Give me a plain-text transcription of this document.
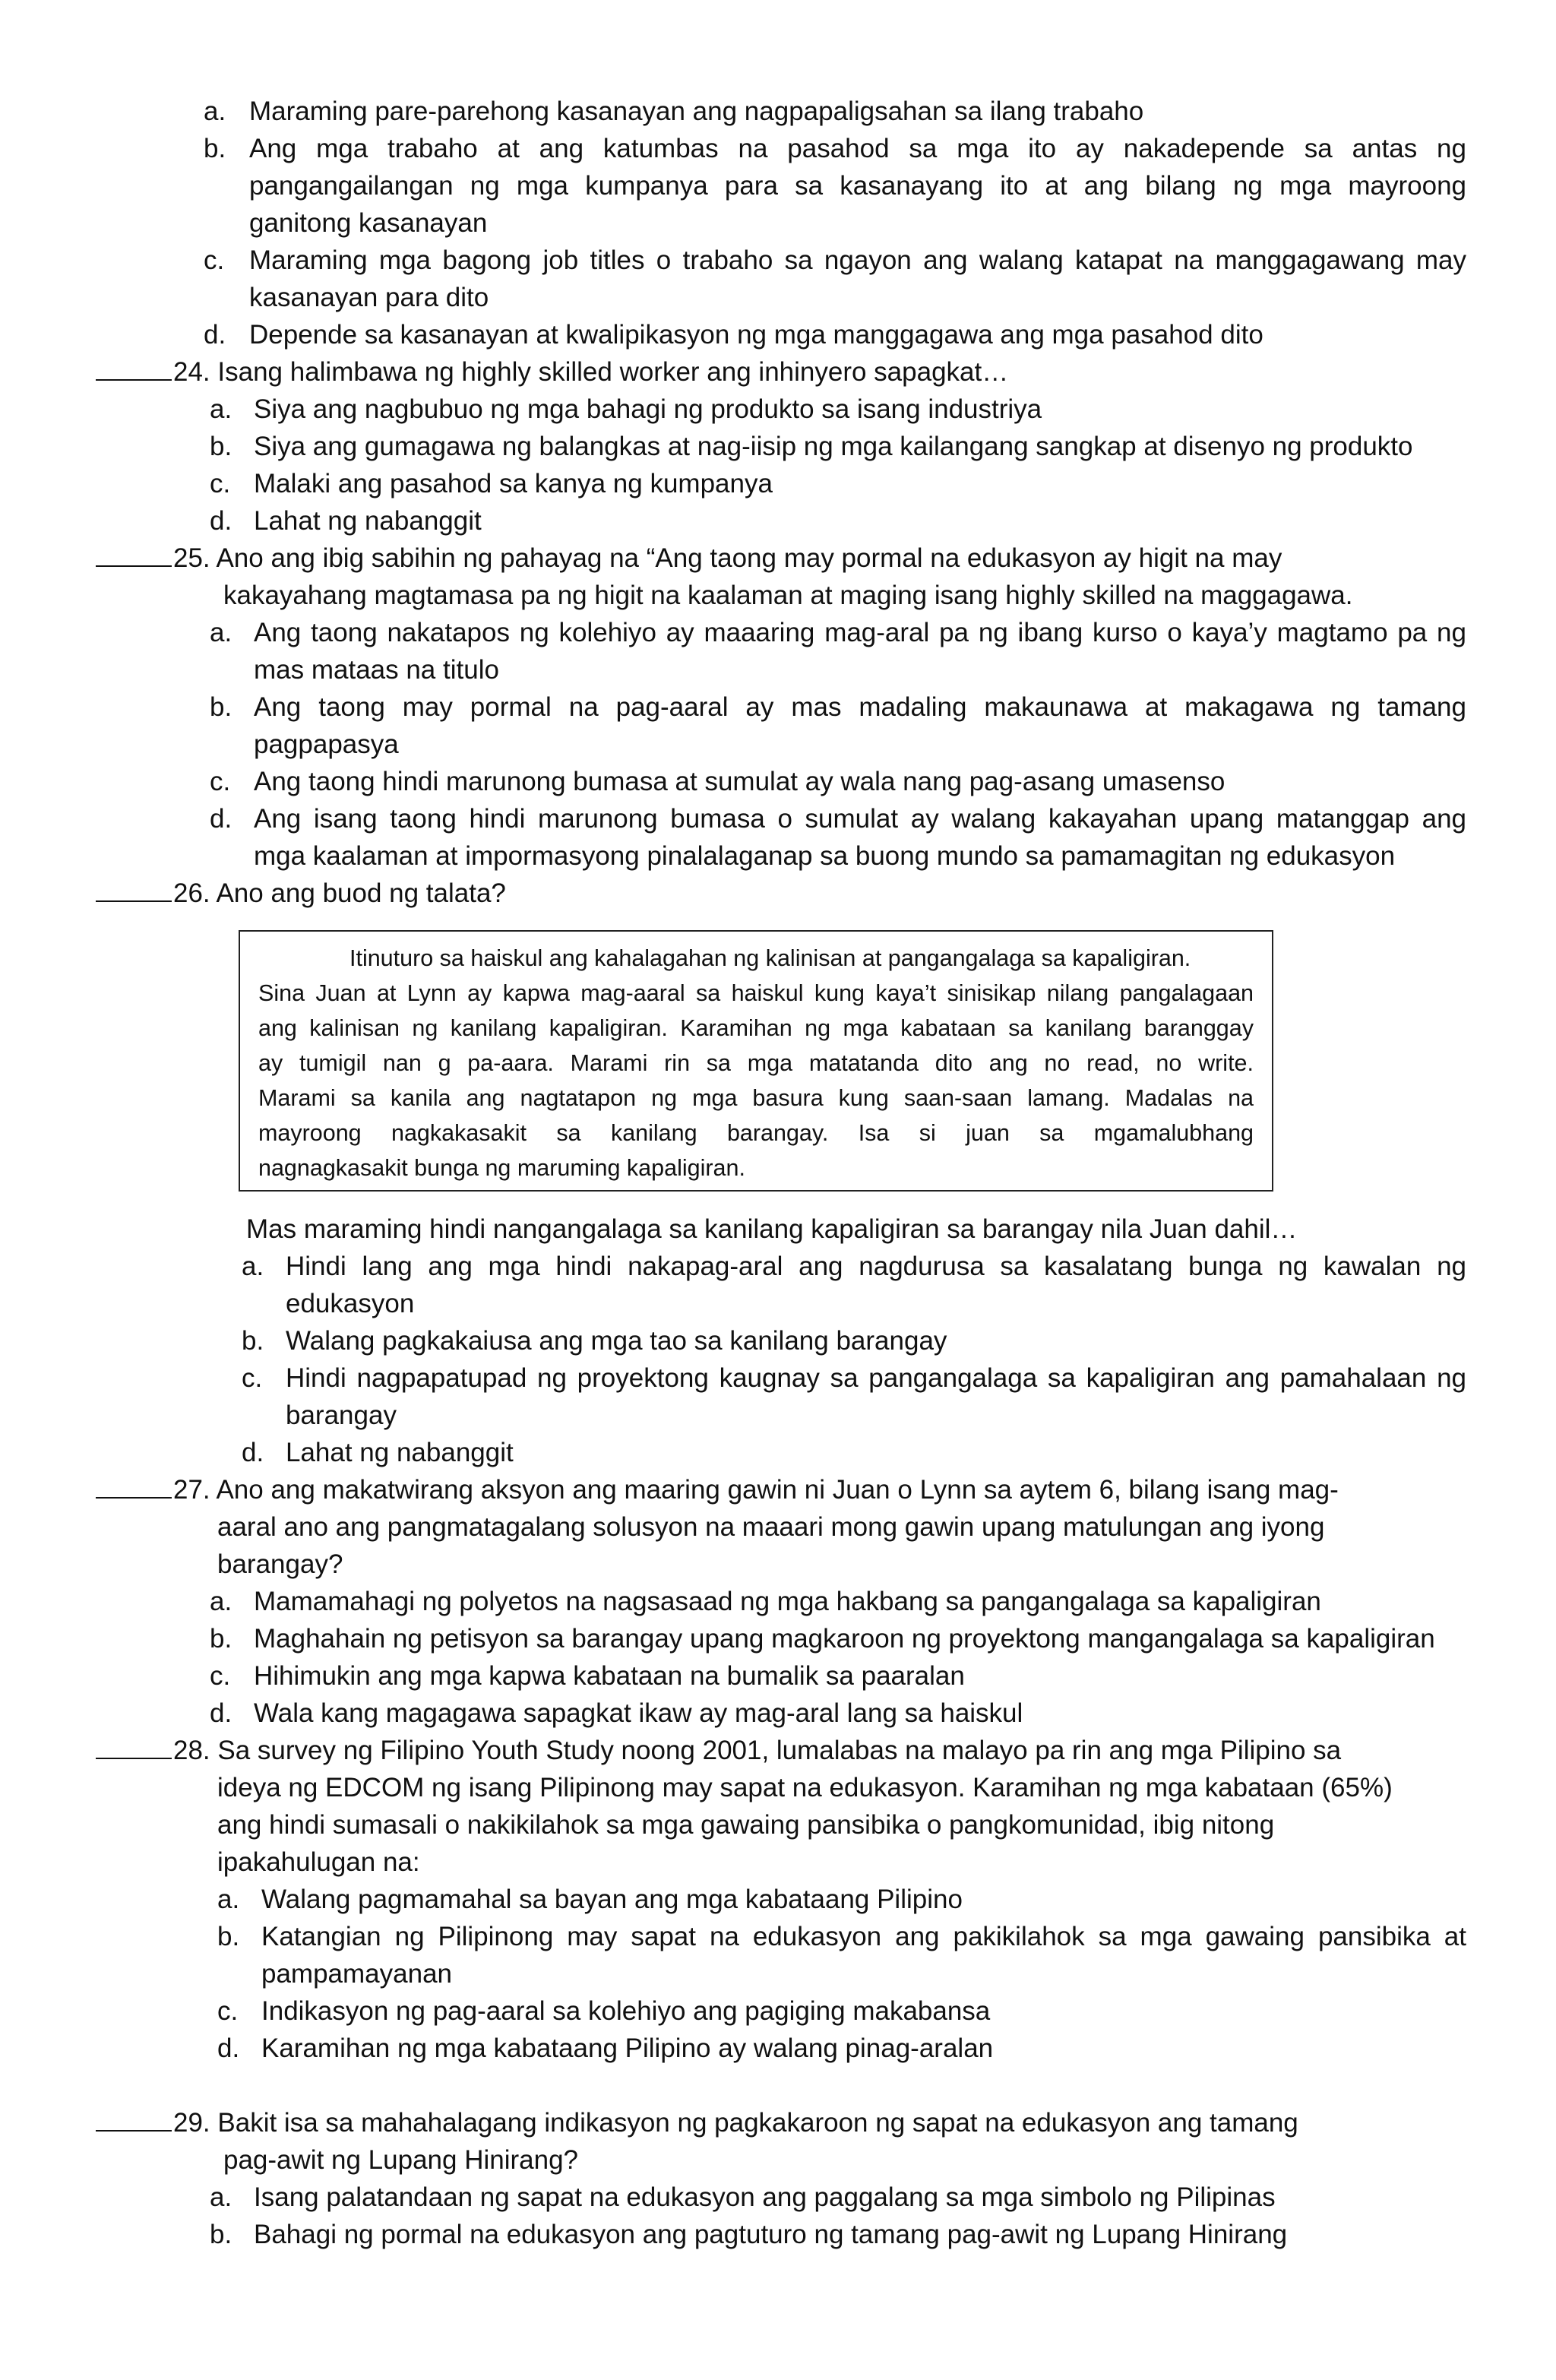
a. Maraming pare-parehong kasanayan ang nagpapaligsahan sa ilang trabaho
b. Ang mga trabaho at ang katumbas na pasahod sa mga ito ay nakadepende sa antas ng
pangangailangan ng mga kumpanya para sa kasanayang ito at ang bilang ng mga mayroong
ganitong kasanayan
c. Maraming mga bagong job titles o trabaho sa ngayon ang walang katapat na manggagawang may
kasanayan para dito
d. Depende sa kasanayan at kwalipikasyon ng mga manggagawa ang mga pasahod dito
24. Isang halimbawa ng highly skilled worker ang inhinyero sapagkat…
a. Siya ang nagbubuo ng mga bahagi ng produkto sa isang industriya
b. Siya ang gumagawa ng balangkas at nag-iisip ng mga kailangang sangkap at disenyo ng produkto
c. Malaki ang pasahod sa kanya ng kumpanya
d. Lahat ng nabanggit
25. Ano ang ibig sabihin ng pahayag na “Ang taong may pormal na edukasyon ay higit na may
kakayahang magtamasa pa ng higit na kaalaman at maging isang highly skilled na maggagawa.
a. Ang taong nakatapos ng kolehiyo ay maaaring mag-aral pa ng ibang kurso o kaya’y magtamo pa ng
mas mataas na titulo
b. Ang taong may pormal na pag-aaral ay mas madaling makaunawa at makagawa ng tamang
pagpapasya
c. Ang taong hindi marunong bumasa at sumulat ay wala nang pag-asang umasenso
d. Ang isang taong hindi marunong bumasa o sumulat ay walang kakayahan upang matanggap ang
mga kaalaman at impormasyong pinalalaganap sa buong mundo sa pamamagitan ng edukasyon
26. Ano ang buod ng talata?
Itinuturo sa haiskul ang kahalagahan ng kalinisan at pangangalaga sa kapaligiran.
Sina Juan at Lynn ay kapwa mag-aaral sa haiskul kung kaya’t sinisikap nilang pangalagaan
ang kalinisan ng kanilang kapaligiran. Karamihan ng mga kabataan sa kanilang baranggay
ay tumigil nan g pa-aara. Marami rin sa mga matatanda dito ang no read, no write.
Marami sa kanila ang nagtatapon ng mga basura kung saan-saan lamang. Madalas na
mayroong nagkakasakit sa kanilang barangay. Isa si juan sa mgamalubhang
nagnagkasakit bunga ng maruming kapaligiran.
Mas maraming hindi nangangalaga sa kanilang kapaligiran sa barangay nila Juan dahil…
a. Hindi lang ang mga hindi nakapag-aral ang nagdurusa sa kasalatang bunga ng kawalan ng
edukasyon
b. Walang pagkakaiusa ang mga tao sa kanilang barangay
c. Hindi nagpapatupad ng proyektong kaugnay sa pangangalaga sa kapaligiran ang pamahalaan ng
barangay
d. Lahat ng nabanggit
27. Ano ang makatwirang aksyon ang maaring gawin ni Juan o Lynn sa aytem 6, bilang isang mag-
aaral ano ang pangmatagalang solusyon na maaari mong gawin upang matulungan ang iyong
barangay?
a. Mamamahagi ng polyetos na nagsasaad ng mga hakbang sa pangangalaga sa kapaligiran
b. Maghahain ng petisyon sa barangay upang magkaroon ng proyektong mangangalaga sa kapaligiran
c. Hihimukin ang mga kapwa kabataan na bumalik sa paaralan
d. Wala kang magagawa sapagkat ikaw ay mag-aral lang sa haiskul
28. Sa survey ng Filipino Youth Study noong 2001, lumalabas na malayo pa rin ang mga Pilipino sa
ideya ng EDCOM ng isang Pilipinong may sapat na edukasyon. Karamihan ng mga kabataan (65%)
ang hindi sumasali o nakikilahok sa mga gawaing pansibika o pangkomunidad, ibig nitong
ipakahulugan na:
a. Walang pagmamahal sa bayan ang mga kabataang Pilipino
b. Katangian ng Pilipinong may sapat na edukasyon ang pakikilahok sa mga gawaing pansibika at
pampamayanan
c. Indikasyon ng pag-aaral sa kolehiyo ang pagiging makabansa
d. Karamihan ng mga kabataang Pilipino ay walang pinag-aralan
29. Bakit isa sa mahahalagang indikasyon ng pagkakaroon ng sapat na edukasyon ang tamang
pag-awit ng Lupang Hinirang?
a. Isang palatandaan ng sapat na edukasyon ang paggalang sa mga simbolo ng Pilipinas
b. Bahagi ng pormal na edukasyon ang pagtuturo ng tamang pag-awit ng Lupang Hinirang
